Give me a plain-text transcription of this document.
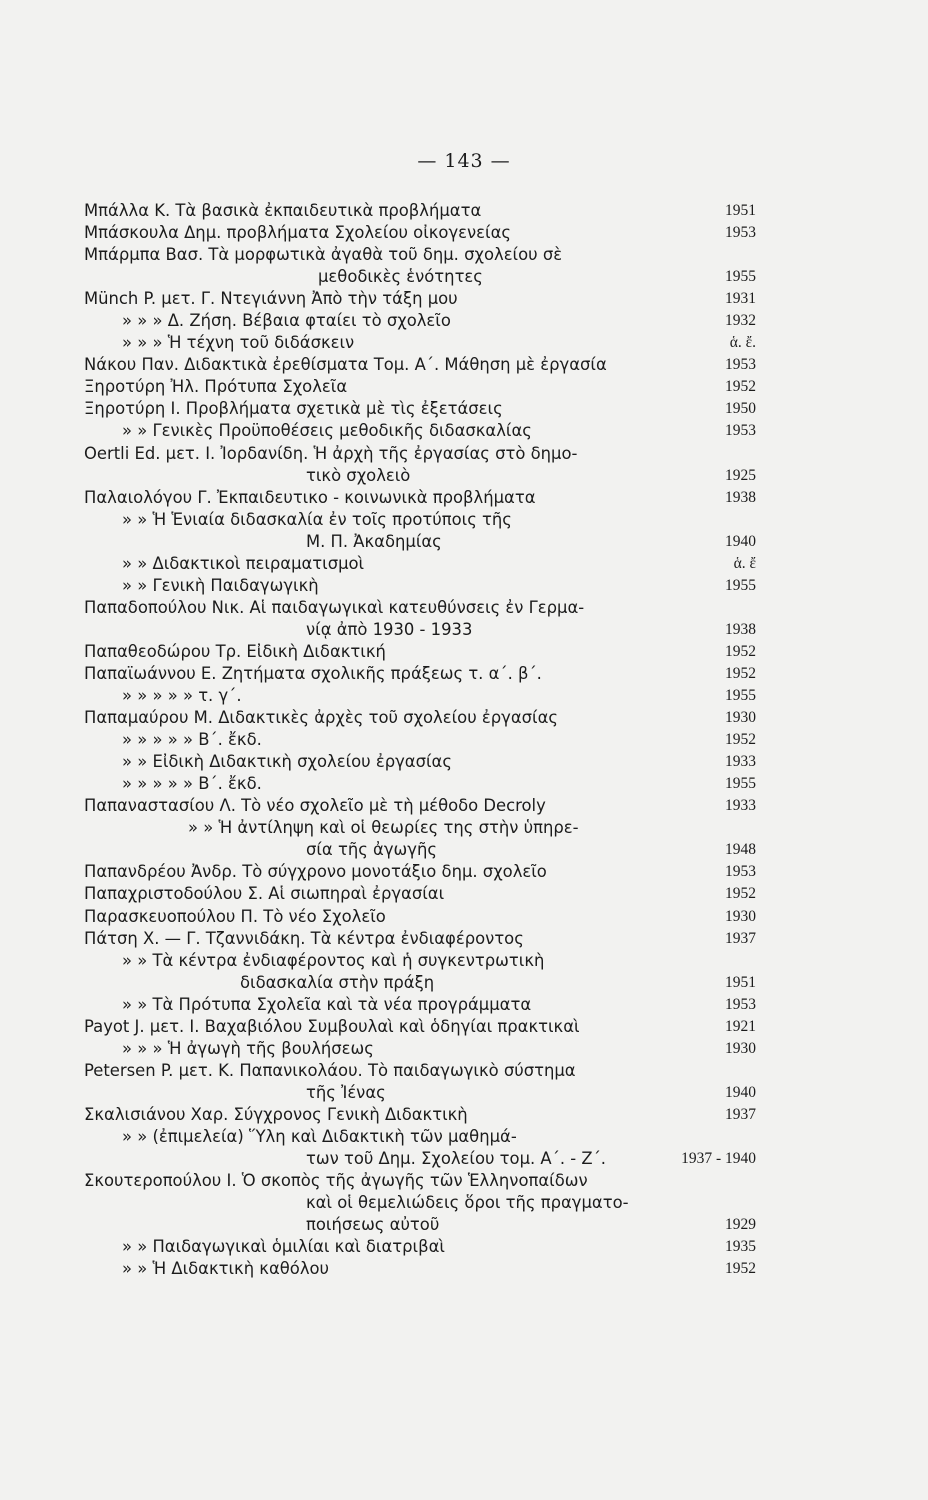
— 143 —
Μπάλλα Κ. Τὰ βασικὰ ἐκπαιδευτικὰ προβλήματα	1951
Μπάσκουλα Δημ. προβλήματα Σχολείου οἰκογενείας	1953
Μπάρμπα Βασ. Τὰ μορφωτικὰ ἀγαθὰ τοῦ δημ. σχολείου σὲ
μεθοδικὲς ἑνότητες	1955
Münch P. μετ. Γ. Ντεγιάννη Ἀπὸ τὴν τάξη μου	1931
» » » Δ. Ζήση. Βέβαια φταίει τὸ σχολεῖο	1932
» » » Ἡ τέχνη τοῦ διδάσκειν	ἁ. ἔ.
Νάκου Παν. Διδακτικὰ ἐρεθίσματα Τομ. Α΄. Μάθηση μὲ ἐργασία	1953
Ξηροτύρη Ἠλ. Πρότυπα Σχολεῖα	1952
Ξηροτύρη Ι. Προβλήματα σχετικὰ μὲ τὶς ἐξετάσεις	1950
» » Γενικὲς Προϋποθέσεις μεθοδικῆς διδασκαλίας	1953
Oertli Ed. μετ. Ι. Ἰορδανίδη. Ἡ ἀρχὴ τῆς ἐργασίας στὸ δημο-
τικὸ σχολειὸ	1925
Παλαιολόγου Γ. Ἐκπαιδευτικο - κοινωνικὰ προβλήματα	1938
» » Ἡ Ἑνιαία διδασκαλία ἐν τοῖς προτύποις τῆς
Μ. Π. Ἀκαδημίας	1940
» » Διδακτικοὶ πειραματισμοὶ	ἁ. ἔ
» » Γενικὴ Παιδαγωγικὴ	1955
Παπαδοπούλου Νικ. Αἱ παιδαγωγικαὶ κατευθύνσεις ἐν Γερμα-
νίᾳ ἀπὸ 1930 - 1933	1938
Παπαθεοδώρου Τρ. Εἰδικὴ Διδακτική	1952
Παπαϊωάννου Ε. Ζητήματα σχολικῆς πράξεως τ. α΄. β΄.	1952
» » » » » τ. γ΄.	1955
Παπαμαύρου Μ. Διδακτικὲς ἀρχὲς τοῦ σχολείου ἐργασίας	1930
» » » » » Β΄. ἔκδ.	1952
» » Εἰδικὴ Διδακτικὴ σχολείου ἐργασίας	1933
» » » » » Β΄. ἔκδ.	1955
Παπαναστασίου Λ. Τὸ νέο σχολεῖο μὲ τὴ μέθοδο Decroly	1933
» » Ἡ ἀντίληψη καὶ οἱ θεωρίες της στὴν ὑπηρε-
σία τῆς ἀγωγῆς	1948
Παπανδρέου Ἀνδρ. Τὸ σύγχρονο μονοτάξιο δημ. σχολεῖο	1953
Παπαχριστοδούλου Σ. Αἱ σιωπηραὶ ἐργασίαι	1952
Παρασκευοπούλου Π. Τὸ νέο Σχολεῖο	1930
Πάτση Χ. — Γ. Τζαννιδάκη. Τὰ κέντρα ἐνδιαφέροντος	1937
» » Τὰ κέντρα ἐνδιαφέροντος καὶ ἡ συγκεντρωτικὴ
διδασκαλία στὴν πράξη	1951
» » Τὰ Πρότυπα Σχολεῖα καὶ τὰ νέα προγράμματα	1953
Payot J. μετ. Ι. Βαχαβιόλου Συμβουλαὶ καὶ ὁδηγίαι πρακτικαὶ	1921
» » » Ἡ ἀγωγὴ τῆς βουλήσεως	1930
Petersen P. μετ. Κ. Παπανικολάου. Τὸ παιδαγωγικὸ σύστημα
τῆς Ἰένας	1940
Σκαλισιάνου Χαρ. Σύγχρονος Γενικὴ Διδακτικὴ	1937
» » (ἐπιμελεία) Ὕλη καὶ Διδακτικὴ τῶν μαθημά-
των τοῦ Δημ. Σχολείου τομ. Α΄. - Ζ΄.	1937 - 1940
Σκουτεροπούλου Ι. Ὁ σκοπὸς τῆς ἀγωγῆς τῶν Ἑλληνοπαίδων
καὶ οἱ θεμελιώδεις ὅροι τῆς πραγματο-
ποιήσεως αὐτοῦ	1929
» » Παιδαγωγικαὶ ὁμιλίαι καὶ διατριβαὶ	1935
» » Ἡ Διδακτικὴ καθόλου	1952
